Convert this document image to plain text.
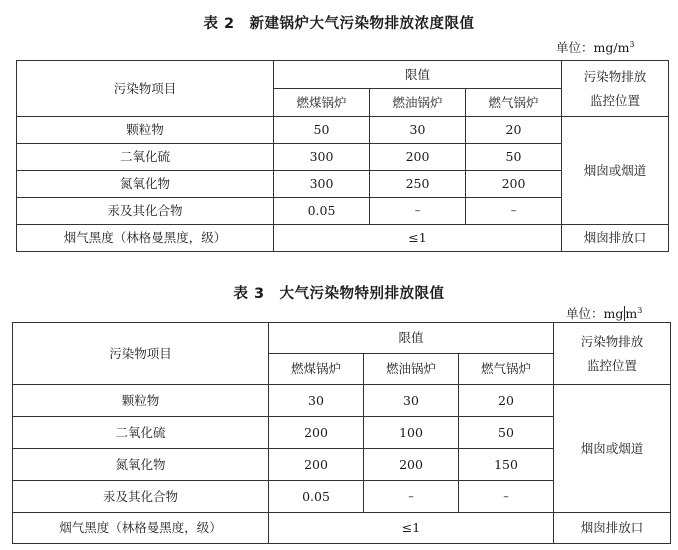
表 2　新建锅炉大气污染物排放浓度限值
单位：$mg/m^3$
污染物项目	限值			污染物排放监控位置
	燃煤锅炉	燃油锅炉	燃气锅炉	
颗粒物	50	30	20	烟囱或烟道
二氧化硫	300	200	50	
氮氧化物	300	250	200	
汞及其化合物	0.05	–	–	
烟气黑度（林格曼黑度，级）	≤1			烟囱排放口
表 3　大气污染物特别排放限值
单位：mg $m^3$
污染物项目	限值			污染物排放监控位置
	燃煤锅炉	燃油锅炉	燃气锅炉	
颗粒物	30	30	20	烟囱或烟道
二氧化硫	200	100	50	
氮氧化物	200	200	150	
汞及其化合物	0.05	–	–	
烟气黑度（林格曼黑度，级）	≤1			烟囱排放口
